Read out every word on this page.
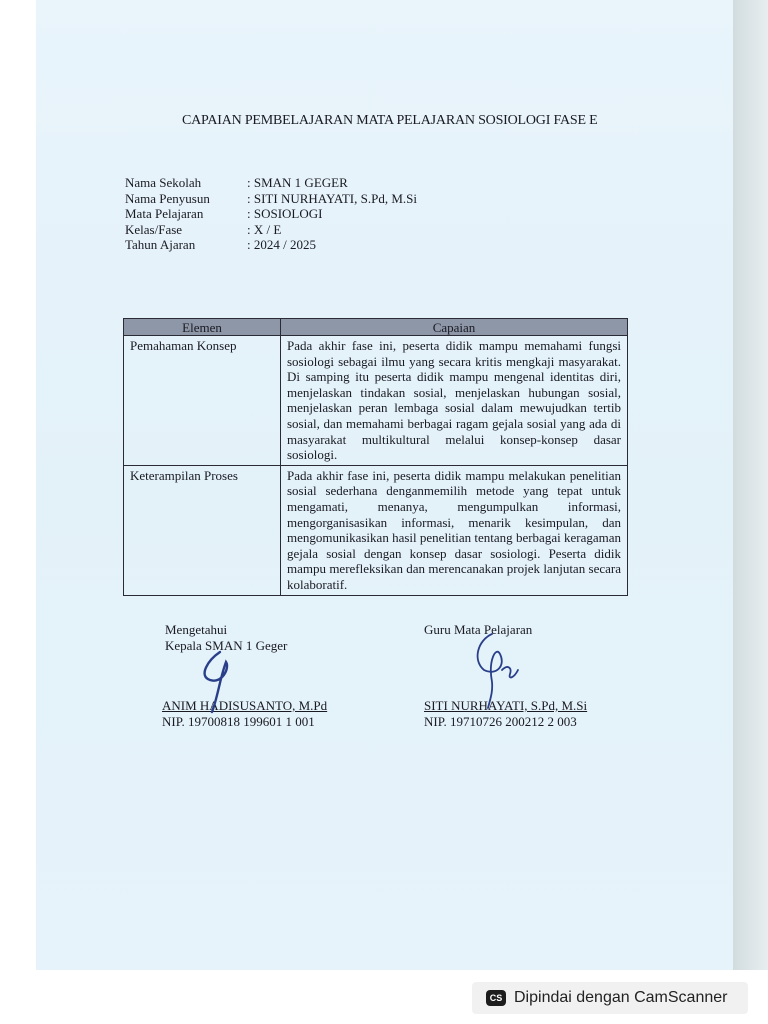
CAPAIAN PEMBELAJARAN MATA PELAJARAN SOSIOLOGI FASE E
Nama Sekolah	: SMAN 1 GEGER
Nama Penyusun	: SITI NURHAYATI, S.Pd, M.Si
Mata Pelajaran	: SOSIOLOGI
Kelas/Fase	: X / E
Tahun Ajaran	: 2024 / 2025
Elemen	Capaian
Pemahaman Konsep	Pada akhir fase ini, peserta didik mampu memahami fungsi sosiologi sebagai ilmu yang secara kritis mengkaji masyarakat. Di samping itu peserta didik mampu mengenal identitas diri, menjelaskan tindakan sosial, menjelaskan hubungan sosial, menjelaskan peran lembaga sosial dalam mewujudkan tertib sosial, dan memahami berbagai ragam gejala sosial yang ada di masyarakat multikultural melalui konsep-konsep dasar sosiologi.
Keterampilan Proses	Pada akhir fase ini, peserta didik mampu melakukan penelitian sosial sederhana denganmemilih metode yang tepat untuk mengamati, menanya, mengumpulkan informasi, mengorganisasikan informasi, menarik kesimpulan, dan mengomunikasikan hasil penelitian tentang berbagai keragaman gejala sosial dengan konsep dasar sosiologi. Peserta didik mampu merefleksikan dan merencanakan projek lanjutan secara kolaboratif.
Mengetahui
Kepala SMAN 1 Geger
ANIM HADISUSANTO, M.Pd
NIP. 19700818 199601 1 001
Guru Mata Pelajaran
SITI NURHAYATI, S.Pd, M.Si
NIP. 19710726 200212 2 003
CS Dipindai dengan CamScanner
